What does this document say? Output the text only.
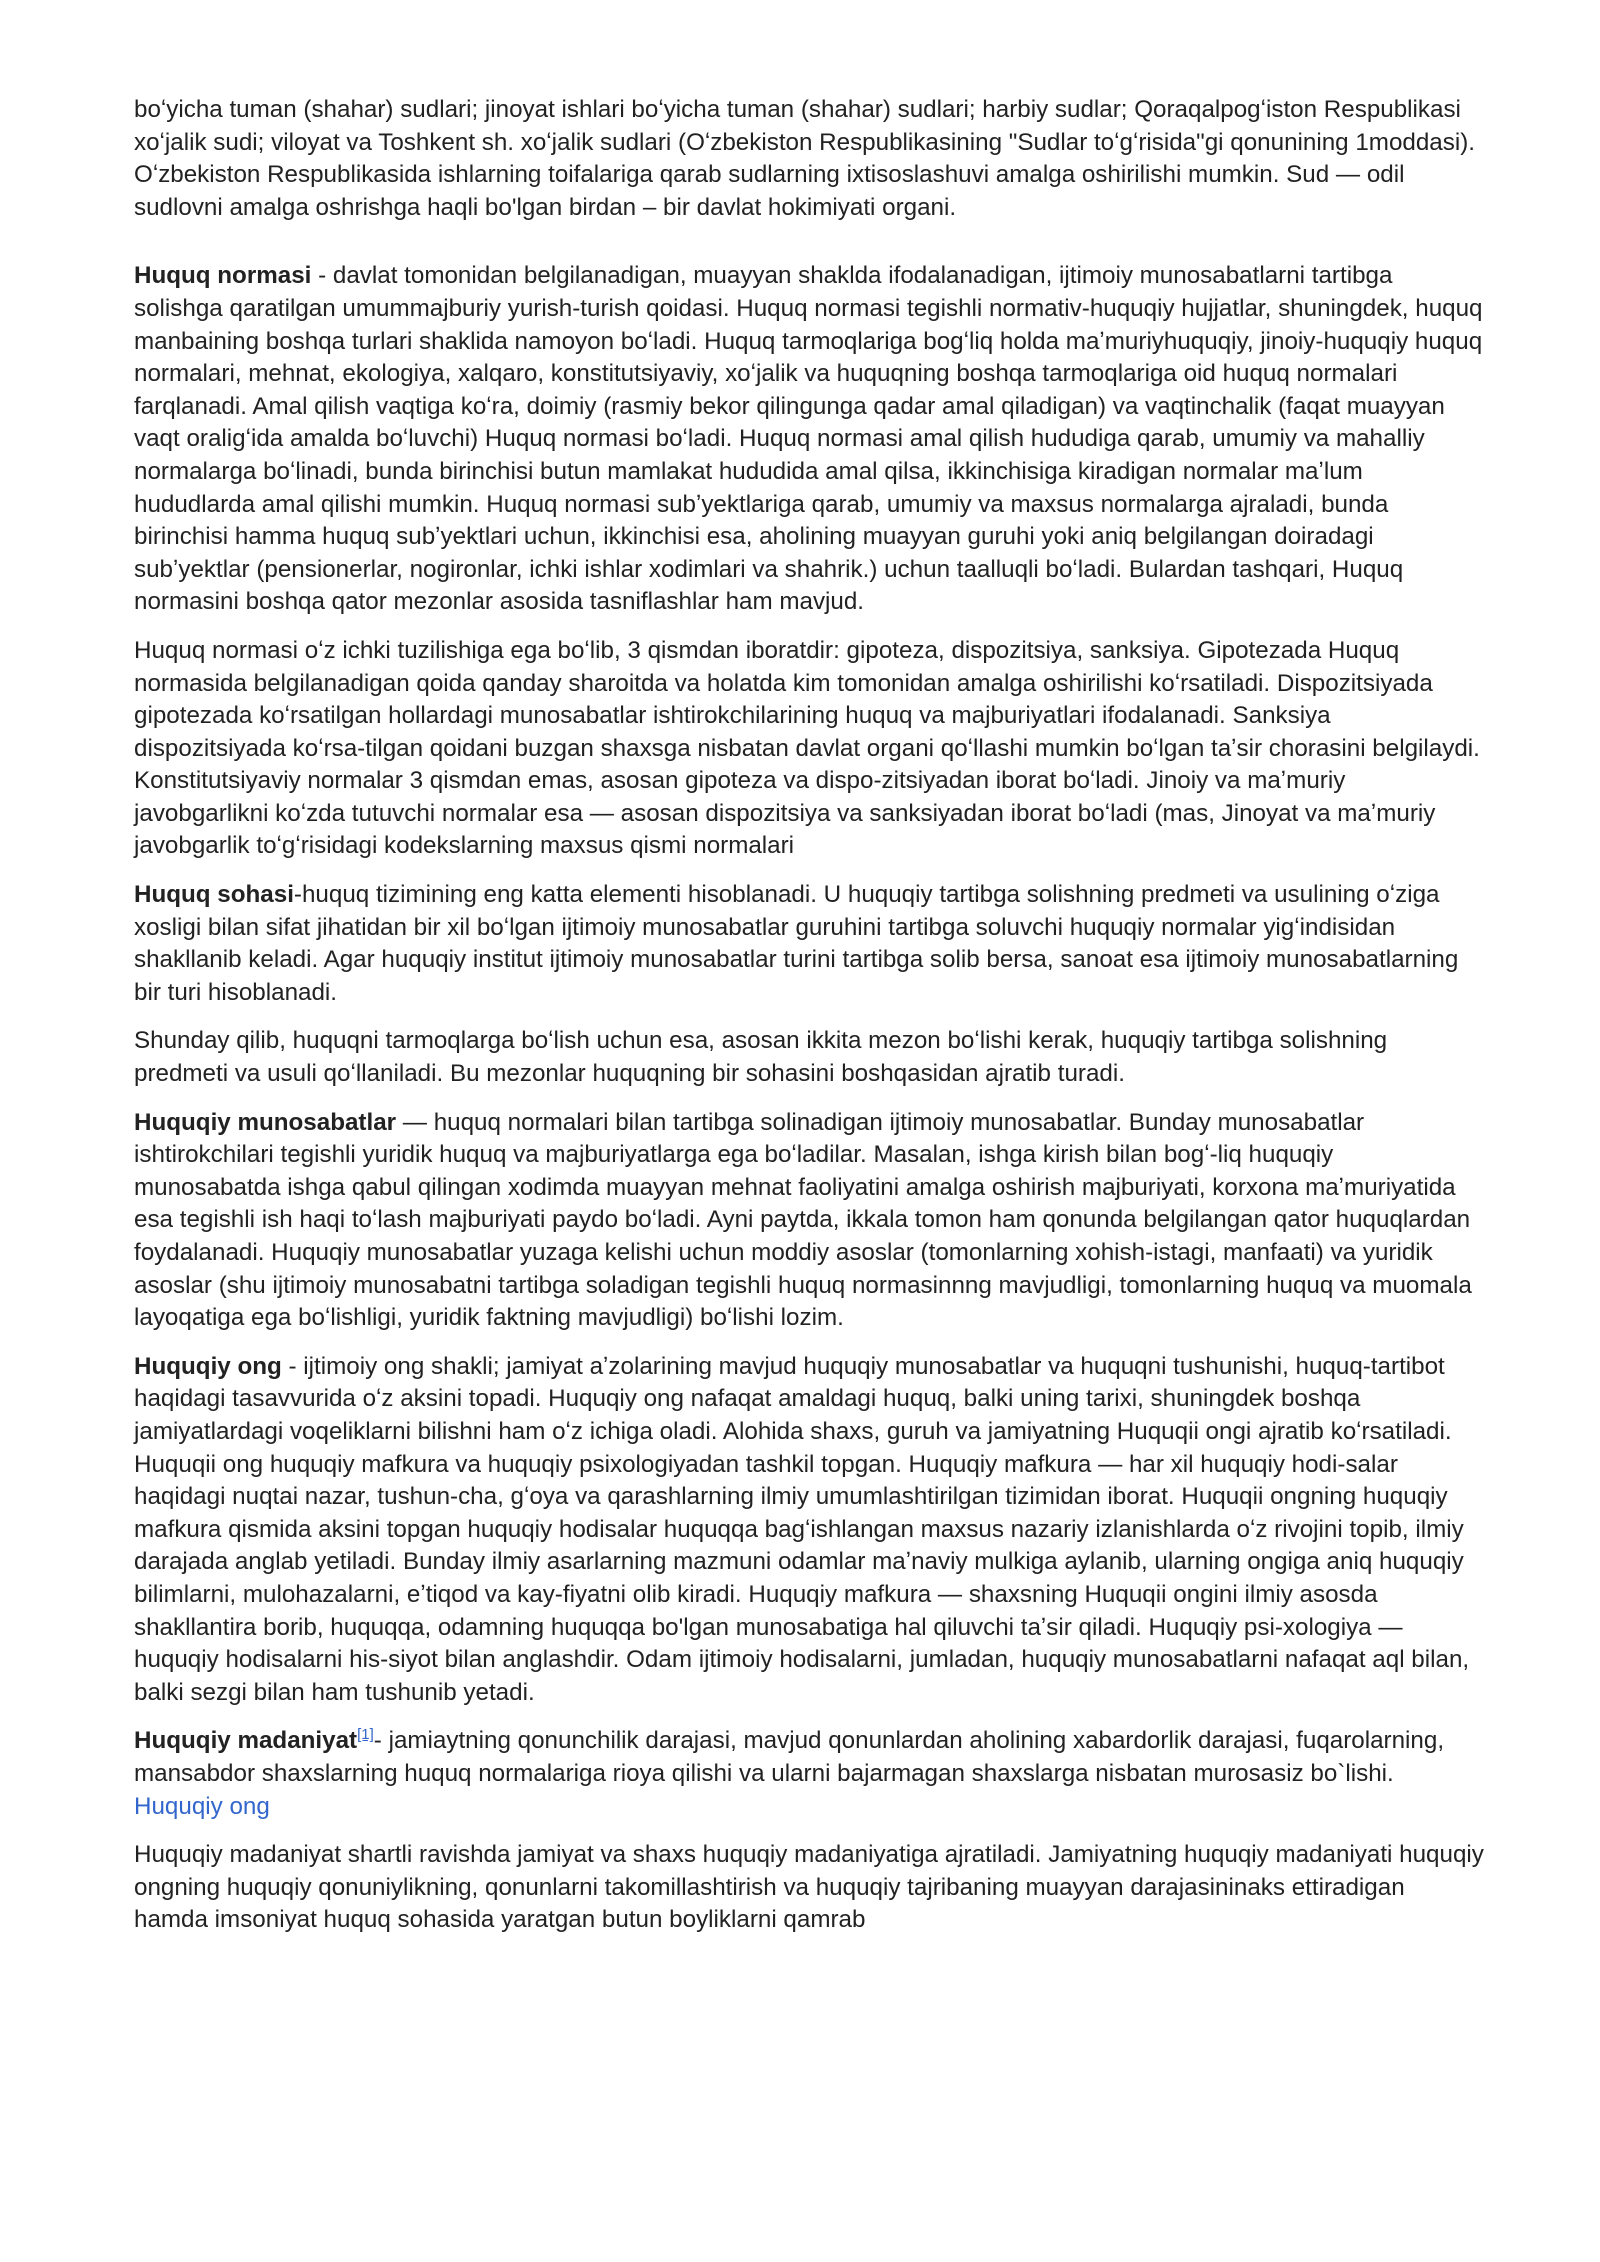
boʻyicha tuman (shahar) sudlari; jinoyat ishlari boʻyicha tuman (shahar) sudlari; harbiy sudlar; Qoraqalpogʻiston Respublikasi xoʻjalik sudi; viloyat va Toshkent sh. xoʻjalik sudlari (Oʻzbekiston Respublikasining "Sudlar toʻgʻrisida"gi qonunining 1moddasi). Oʻzbekiston Respublikasida ishlarning toifalariga qarab sudlarning ixtisoslashuvi amalga oshirilishi mumkin. Sud — odil sudlovni amalga oshrishga haqli bo'lgan birdan – bir davlat hokimiyati organi.

Huquq normasi - davlat tomonidan belgilanadigan, muayyan shaklda ifodalanadigan, ijtimoiy munosabatlarni tartibga solishga qaratilgan umummajburiy yurish-turish qoidasi. Huquq normasi tegishli normativ-huquqiy hujjatlar, shuningdek, huquq manbaining boshqa turlari shaklida namoyon boʻladi. Huquq tarmoqlariga bogʻliq holda maʼmuriyhuquqiy, jinoiy-huquqiy huquq normalari, mehnat, ekologiya, xalqaro, konstitutsiyaviy, xoʻjalik va huquqning boshqa tarmoqlariga oid huquq normalari farqlanadi. Amal qilish vaqtiga koʻra, doimiy (rasmiy bekor qilingunga qadar amal qiladigan) va vaqtinchalik (faqat muayyan vaqt oraligʻida amalda boʻluvchi) Huquq normasi boʻladi. Huquq normasi amal qilish hududiga qarab, umumiy va mahalliy normalarga boʻlinadi, bunda birinchisi butun mamlakat hududida amal qilsa, ikkinchisiga kiradigan normalar maʼlum hududlarda amal qilishi mumkin. Huquq normasi subʼyektlariga qarab, umumiy va maxsus normalarga ajraladi, bunda birinchisi hamma huquq subʼyektlari uchun, ikkinchisi esa, aholining muayyan guruhi yoki aniq belgilangan doiradagi subʼyektlar (pensionerlar, nogironlar, ichki ishlar xodimlari va shahrik.) uchun taalluqli boʻladi. Bulardan tashqari, Huquq normasini boshqa qator mezonlar asosida tasniflashlar ham mavjud.

Huquq normasi oʻz ichki tuzilishiga ega boʻlib, 3 qismdan iboratdir: gipoteza, dispozitsiya, sanksiya. Gipotezada Huquq normasida belgilanadigan qoida qanday sharoitda va holatda kim tomonidan amalga oshirilishi koʻrsatiladi. Dispozitsiyada gipotezada koʻrsatilgan hollardagi munosabatlar ishtirokchilarining huquq va majburiyatlari ifodalanadi. Sanksiya dispozitsiyada koʻrsa-tilgan qoidani buzgan shaxsga nisbatan davlat organi qoʻllashi mumkin boʻlgan taʼsir chorasini belgilaydi. Konstitutsiyaviy normalar 3 qismdan emas, asosan gipoteza va dispo-zitsiyadan iborat boʻladi. Jinoiy va maʼmuriy javobgarlikni koʻzda tutuvchi normalar esa — asosan dispozitsiya va sanksiyadan iborat boʻladi (mas, Jinoyat va maʼmuriy javobgarlik toʻgʻrisidagi kodekslarning maxsus qismi normalari

Huquq sohasi-huquq tizimining eng katta elementi hisoblanadi. U huquqiy tartibga solishning predmeti va usulining oʻziga xosligi bilan sifat jihatidan bir xil boʻlgan ijtimoiy munosabatlar guruhini tartibga soluvchi huquqiy normalar yigʻindisidan shakllanib keladi. Agar huquqiy institut ijtimoiy munosabatlar turini tartibga solib bersa, sanoat esa ijtimoiy munosabatlarning bir turi hisoblanadi.

Shunday qilib, huquqni tarmoqlarga boʻlish uchun esa, asosan ikkita mezon boʻlishi kerak, huquqiy tartibga solishning predmeti va usuli qoʻllaniladi. Bu mezonlar huquqning bir sohasini boshqasidan ajratib turadi.

Huquqiy munosabatlar — huquq normalari bilan tartibga solinadigan ijtimoiy munosabatlar. Bunday munosabatlar ishtirokchilari tegishli yuridik huquq va majburiyatlarga ega boʻladilar. Masalan, ishga kirish bilan bogʻ-liq huquqiy munosabatda ishga qabul qilingan xodimda muayyan mehnat faoliyatini amalga oshirish majburiyati, korxona maʼmuriyatida esa tegishli ish haqi toʻlash majburiyati paydo boʻladi. Ayni paytda, ikkala tomon ham qonunda belgilangan qator huquqlardan foydalanadi. Huquqiy munosabatlar yuzaga kelishi uchun moddiy asoslar (tomonlarning xohish-istagi, manfaati) va yuridik asoslar (shu ijtimoiy munosabatni tartibga soladigan tegishli huquq normasinnng mavjudligi, tomonlarning huquq va muomala layoqatiga ega boʻlishligi, yuridik faktning mavjudligi) boʻlishi lozim.

Huquqiy ong - ijtimoiy ong shakli; jamiyat aʼzolarining mavjud huquqiy munosabatlar va huquqni tushunishi, huquq-tartibot haqidagi tasavvurida oʻz aksini topadi. Huquqiy ong nafaqat amaldagi huquq, balki uning tarixi, shuningdek boshqa jamiyatlardagi voqeliklarni bilishni ham oʻz ichiga oladi. Alohida shaxs, guruh va jamiyatning Huquqii ongi ajratib koʻrsatiladi. Huquqii ong huquqiy mafkura va huquqiy psixologiyadan tashkil topgan. Huquqiy mafkura — har xil huquqiy hodi-salar haqidagi nuqtai nazar, tushun-cha, gʻoya va qarashlarning ilmiy umumlashtirilgan tizimidan iborat. Huquqii ongning huquqiy mafkura qismida aksini topgan huquqiy hodisalar huquqqa bagʻishlangan maxsus nazariy izlanishlarda oʻz rivojini topib, ilmiy darajada anglab yetiladi. Bunday ilmiy asarlarning mazmuni odamlar maʼnaviy mulkiga aylanib, ularning ongiga aniq huquqiy bilimlarni, mulohazalarni, eʼtiqod va kay-fiyatni olib kiradi. Huquqiy mafkura — shaxsning Huquqii ongini ilmiy asosda shakllantira borib, huquqqa, odamning huquqqa bo'lgan munosabatiga hal qiluvchi taʼsir qiladi. Huquqiy psi-xologiya — huquqiy hodisalarni his-siyot bilan anglashdir. Odam ijtimoiy hodisalarni, jumladan, huquqiy munosabatlarni nafaqat aql bilan, balki sezgi bilan ham tushunib yetadi.

Huquqiy madaniyat[1]- jamiaytning qonunchilik darajasi, mavjud qonunlardan aholining xabardorlik darajasi, fuqarolarning, mansabdor shaxslarning huquq normalariga rioya qilishi va ularni bajarmagan shaxslarga nisbatan murosasiz bo`lishi. Huquqiy ong

Huquqiy madaniyat shartli ravishda jamiyat va shaxs huquqiy madaniyatiga ajratiladi. Jamiyatning huquqiy madaniyati huquqiy ongning huquqiy qonuniylikning, qonunlarni takomillashtirish va huquqiy tajribaning muayyan darajasininaks ettiradigan hamda imsoniyat huquq sohasida yaratgan butun boyliklarni qamrab
